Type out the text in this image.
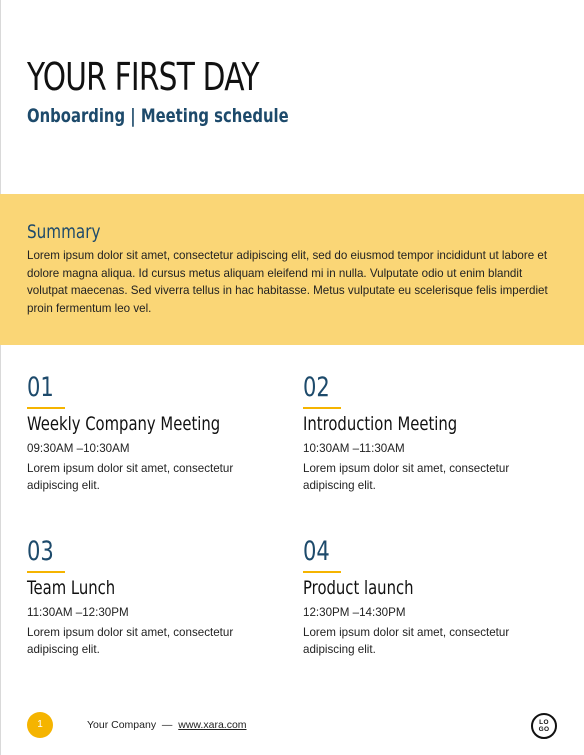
YOUR FIRST DAY
Onboarding | Meeting schedule
Summary

Lorem ipsum dolor sit amet, consectetur adipiscing elit, sed do eiusmod tempor incididunt ut labore et dolore magna aliqua. Id cursus metus aliquam eleifend mi in nulla. Vulputate odio ut enim blandit volutpat maecenas. Sed viverra tellus in hac habitasse. Metus vulputate eu scelerisque felis imperdiet proin fermentum leo vel.

01
Weekly Company Meeting
09:30AM –10:30AM
Lorem ipsum dolor sit amet, consectetur adipiscing elit.
02
Introduction Meeting
10:30AM –11:30AM
Lorem ipsum dolor sit amet, consectetur adipiscing elit.
03
Team Lunch
11:30AM –12:30PM
Lorem ipsum dolor sit amet, consectetur adipiscing elit.
04
Product launch
12:30PM –14:30PM
Lorem ipsum dolor sit amet, consectetur adipiscing elit.
1	Your Company — www.xara.com	LOGO
